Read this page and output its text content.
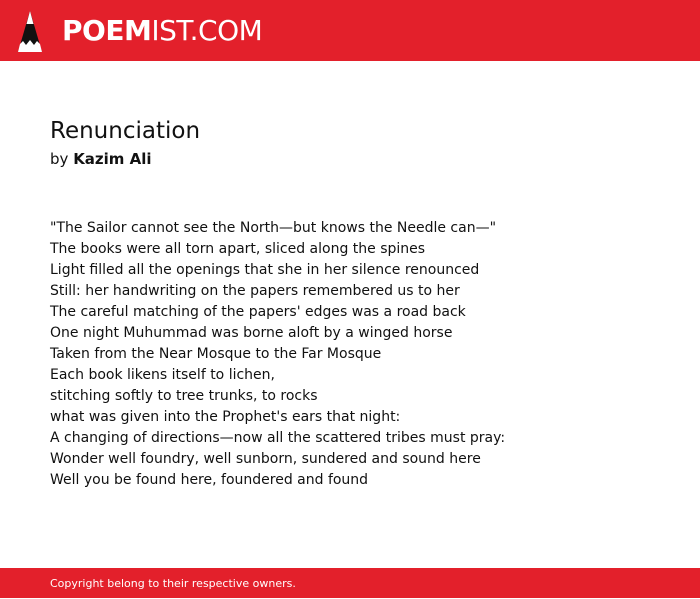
POEMIST.COM
Renunciation
by Kazim Ali
"The Sailor cannot see the North—but knows the Needle can—"
The books were all torn apart, sliced along the spines
Light filled all the openings that she in her silence renounced
Still: her handwriting on the papers remembered us to her
The careful matching of the papers' edges was a road back
One night Muhummad was borne aloft by a winged horse
Taken from the Near Mosque to the Far Mosque
Each book likens itself to lichen,
stitching softly to tree trunks, to rocks
what was given into the Prophet's ears that night:
A changing of directions—now all the scattered tribes must pray:
Wonder well foundry, well sunborn, sundered and sound here
Well you be found here, foundered and found
Copyright belong to their respective owners.
